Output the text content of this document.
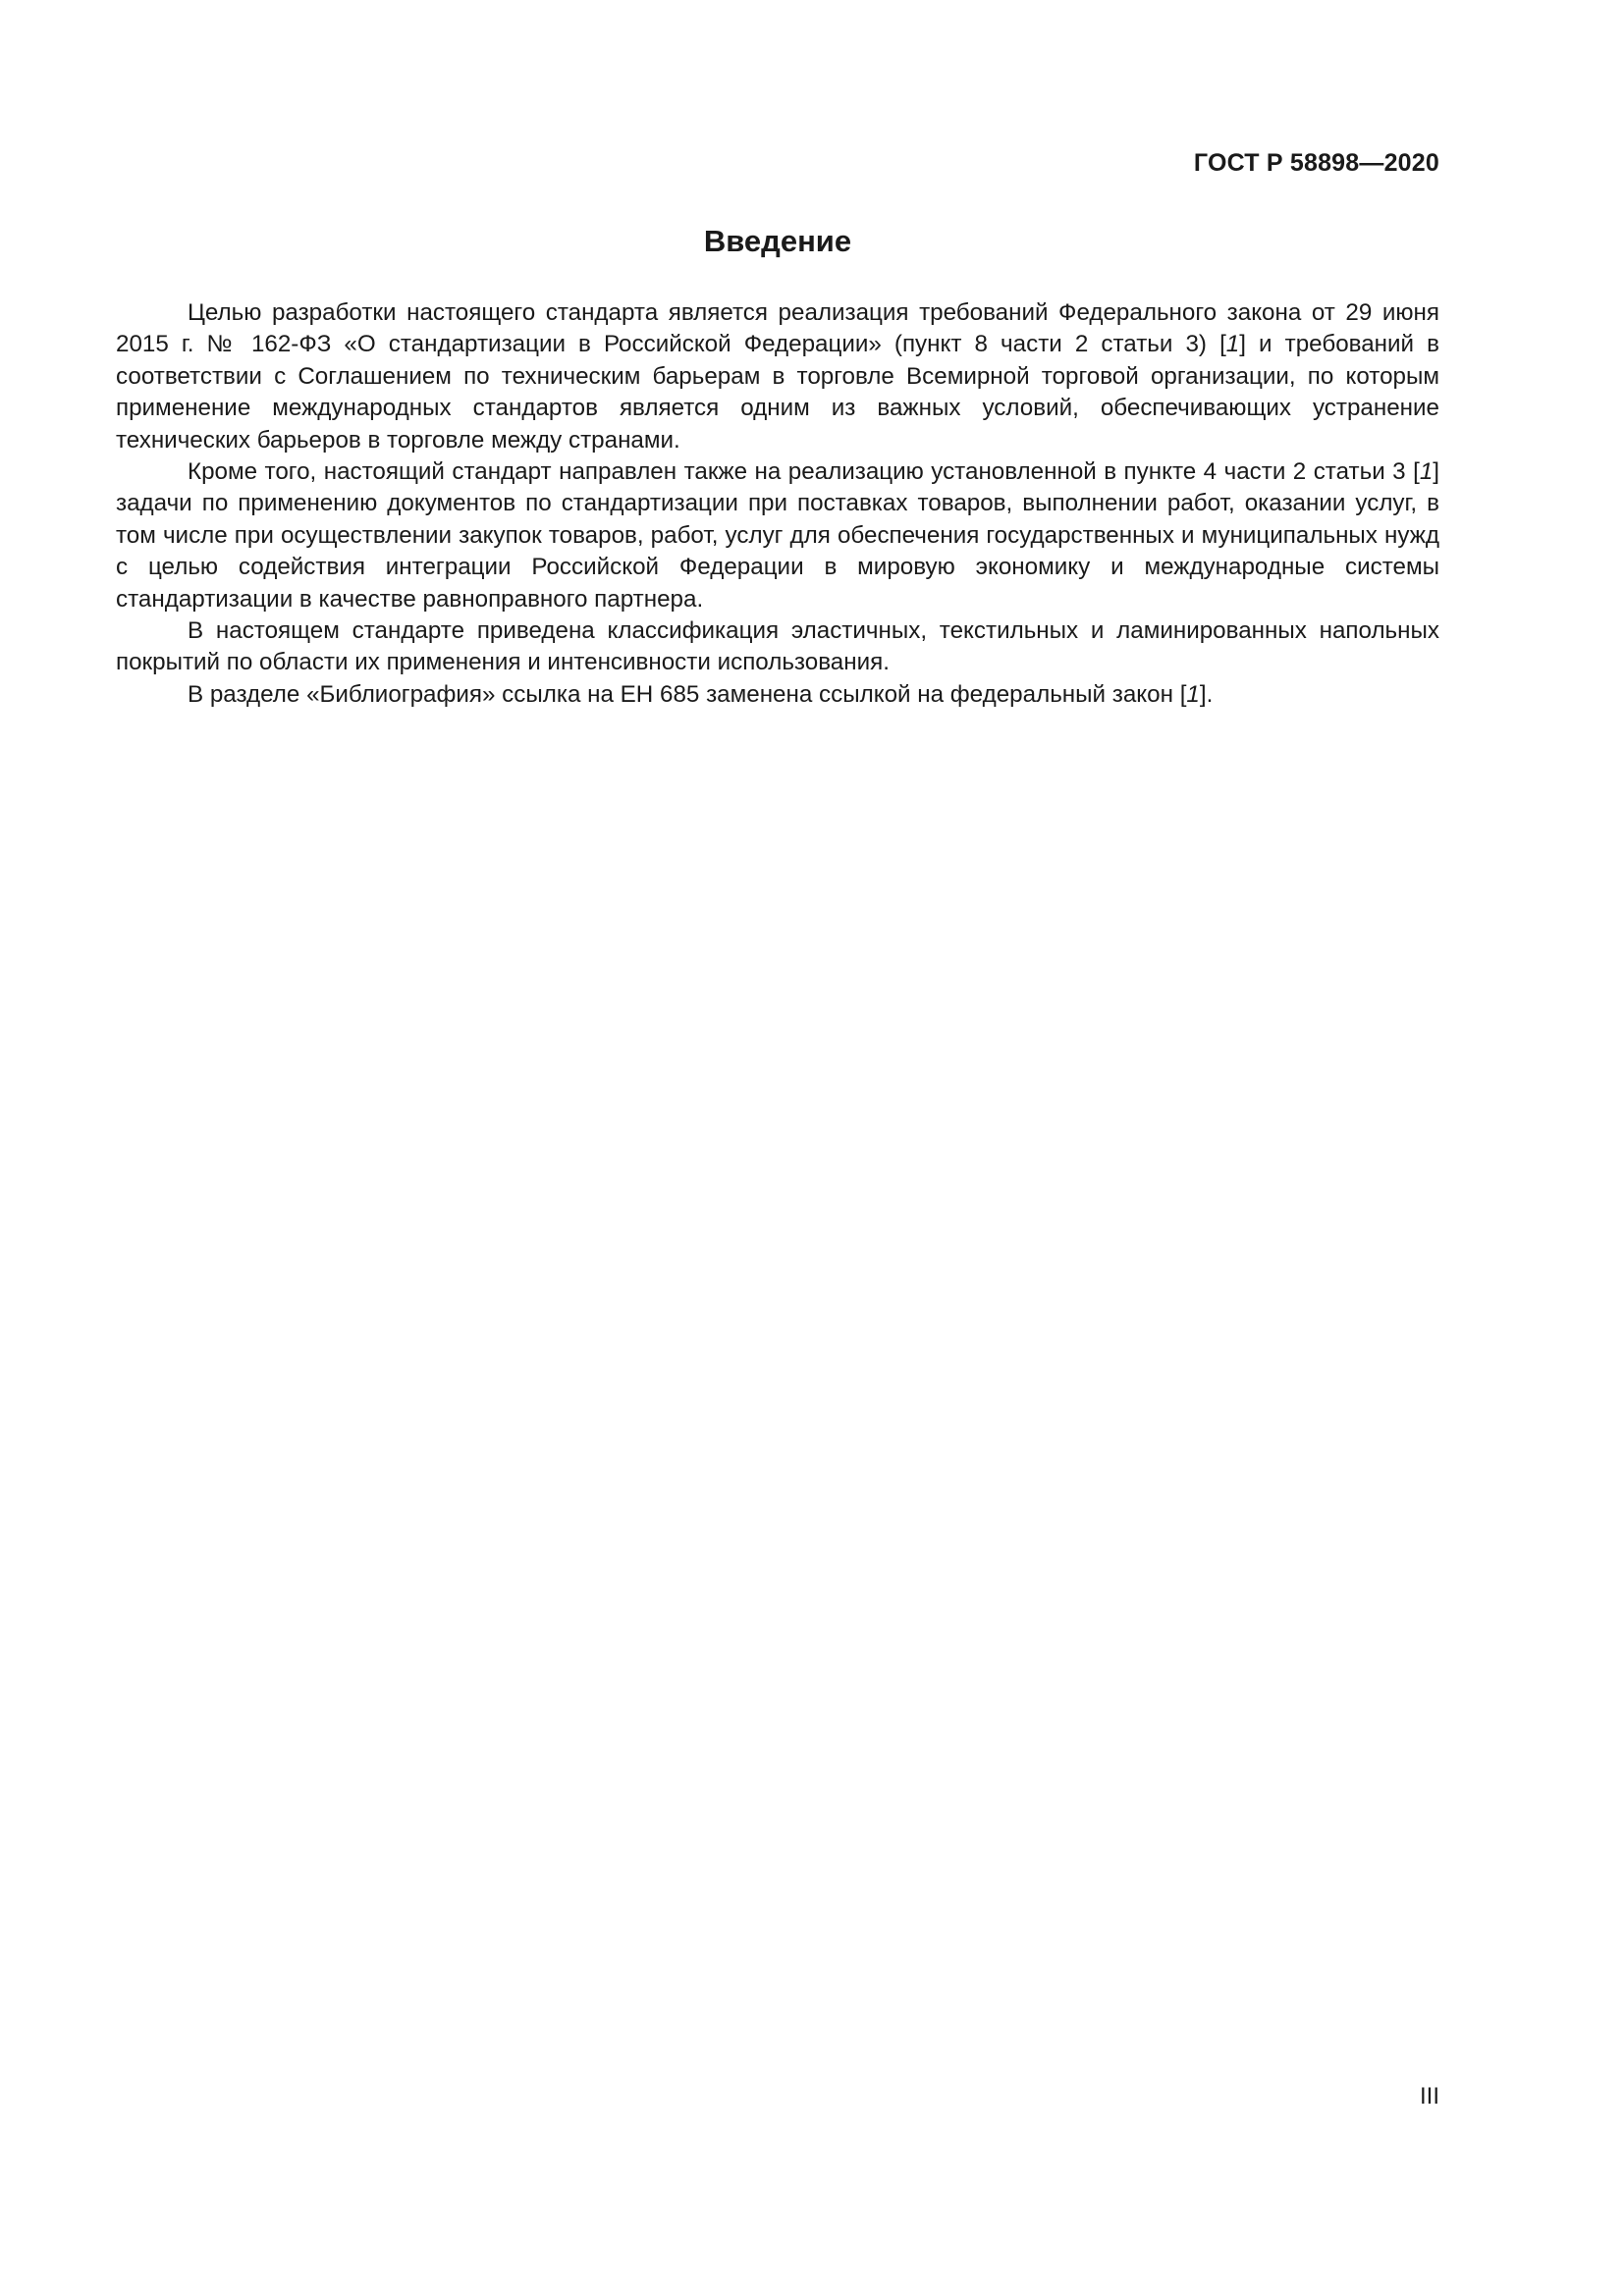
ГОСТ Р 58898—2020

Введение

Целью разработки настоящего стандарта является реализация требований Федерального закона от 29 июня 2015 г. № 162-ФЗ «О стандартизации в Российской Федерации» (пункт 8 части 2 статьи 3) [1] и требований в соответствии с Соглашением по техническим барьерам в торговле Всемирной торговой организации, по которым применение международных стандартов является одним из важных условий, обеспечивающих устранение технических барьеров в торговле между странами.

Кроме того, настоящий стандарт направлен также на реализацию установленной в пункте 4 части 2 статьи 3 [1] задачи по применению документов по стандартизации при поставках товаров, выполнении работ, оказании услуг, в том числе при осуществлении закупок товаров, работ, услуг для обеспечения государственных и муниципальных нужд с целью содействия интеграции Российской Федерации в мировую экономику и международные системы стандартизации в качестве равноправного партнера.

В настоящем стандарте приведена классификация эластичных, текстильных и ламинированных напольных покрытий по области их применения и интенсивности использования.

В разделе «Библиография» ссылка на ЕН 685 заменена ссылкой на федеральный закон [1].

III
